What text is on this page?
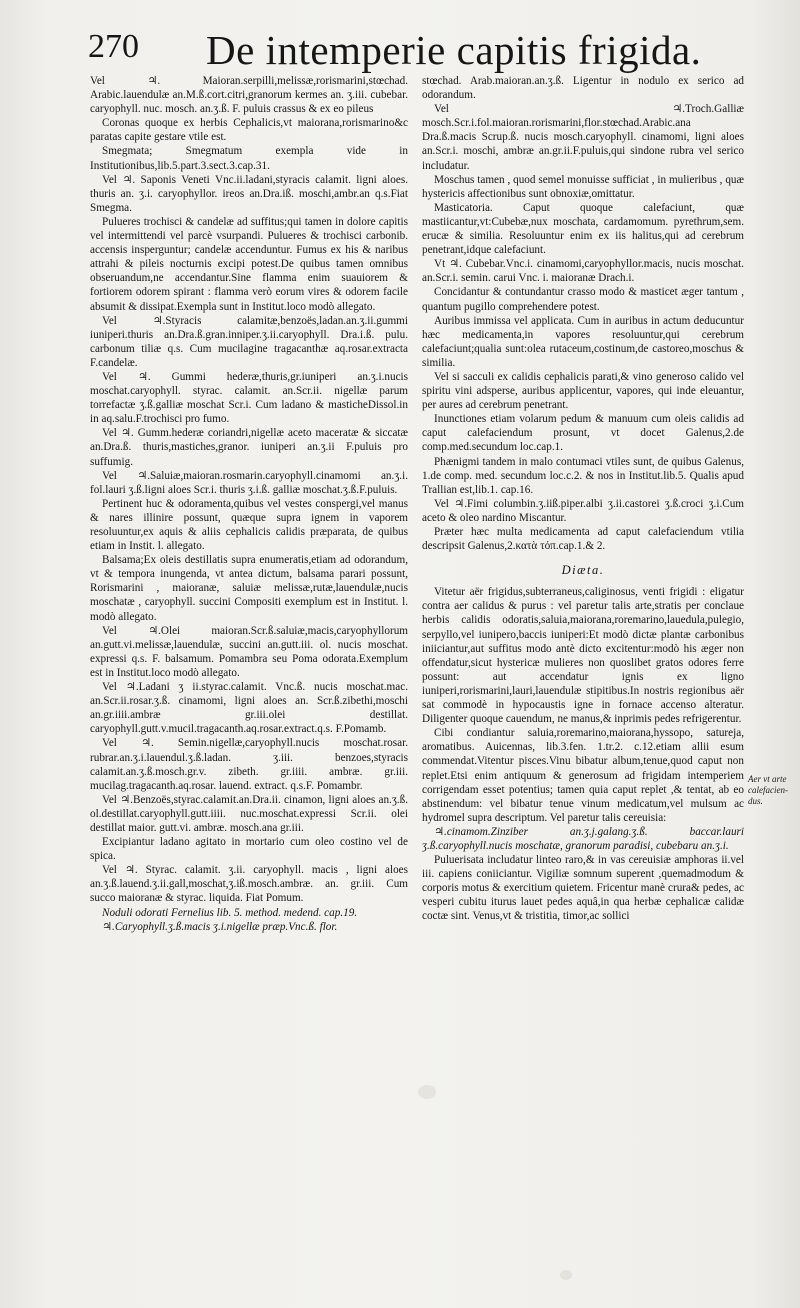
270 De intemperie capitis frigida.

Vel ♃. Maioran.serpilli,melissæ,rorismarini,stœchad. Arabic.lauendulæ an.M.ß.cort.citri,granorum kermes an. ʒ.iii. cubebar. caryophyll. nuc. mosch. an.ʒ.ß. F. puluis crassus & ex eo pileus

Coronas quoque ex herbis Cephalicis,vt maiorana,rorismarino&c paratas capite gestare vtile est.

Smegmata; Smegmatum exempla vide in Institutionibus,lib.5.part.3.sect.3.cap.31.

Vel ♃. Saponis Veneti Vnc.ii.ladani,styracis calamit. ligni aloes. thuris an. ʒ.i. caryophyllor. ireos an.Dra.iß. moschi,ambr.an q.s.Fiat Smegma.

Pulueres trochisci & candelæ ad suffitus;qui tamen in dolore capitis vel intermittendi vel parcè vsurpandi. Pulueres & trochisci carbonib. accensis insperguntur; candelæ accenduntur. Fumus ex his & naribus attrahi & pileis nocturnis excipi potest.De quibus tamen omnibus obseruandum,ne accendantur.Sine flamma enim suauiorem & fortiorem odorem spirant : flamma verò eorum vires & odorem facile absumit & dissipat.Exempla sunt in Institut.loco modò allegato.

Vel ♃.Styracis calamitæ,benzoës,ladan.an.ʒ.ii.gummi iuniperi.thuris an.Dra.ß.gran.inniper.ʒ.ii.caryophyll. Dra.i.ß. pulu. carbonum tiliæ q.s. Cum mucilagine tragacanthæ aq.rosar.extracta F.candelæ.

Vel ♃. Gummi hederæ,thuris,gr.iuniperi an.ʒ.i.nucis moschat.caryophyll. styrac. calamit. an.Scr.ii. nigellæ parum torrefactæ ʒ.ß.galliæ moschat Scr.i. Cum ladano & masticheDissol.in in aq.salu.F.trochisci pro fumo.

Vel ♃. Gumm.hederæ coriandri,nigellæ aceto maceratæ & siccatæ an.Dra.ß. thuris,mastiches,granor. iuniperi an.ʒ.ii F.puluis pro suffumig.

Vel ♃.Saluiæ,maioran.rosmarin.caryophyll.cinamomi an.ʒ.i. fol.lauri ʒ.ß.ligni aloes Scr.i. thuris ʒ.i.ß. galliæ moschat.ʒ.ß.F.puluis.

Pertinent huc & odoramenta,quibus vel vestes conspergi,vel manus & nares illinire possunt, quæque supra ignem in vaporem resoluuntur,ex aquis & aliis cephalicis calidis præparata, de quibus etiam in Instit. l. allegato.

Balsama;Ex oleis destillatis supra enumeratis,etiam ad odorandum, vt & tempora inungenda, vt antea dictum, balsama parari possunt, Rorismarini , maioranæ, saluiæ melissæ,rutæ,lauendulæ,nucis moschatæ , caryophyll. succini Compositi exemplum est in Institut. l. modò allegato.

Vel ♃.Olei maioran.Scr.ß.saluiæ,macis,caryophyllorum an.gutt.vi.melissæ,lauendulæ, succini an.gutt.iii. ol. nucis moschat. expressi q.s. F. balsamum. Pomambra seu Poma odorata.Exemplum est in Institut.loco modò allegato.

Vel ♃.Ladani ʒ ii.styrac.calamit. Vnc.ß. nucis moschat.mac. an.Scr.ii.rosar.ʒ.ß. cinamomi, ligni aloes an. Scr.ß.zibethi,moschi an.gr.iiii.ambræ gr.iii.olei destillat. caryophyll.gutt.v.mucil.tragacanth.aq.rosar.extract.q.s. F.Pomamb.

Vel ♃. Semin.nigellæ,caryophyll.nucis moschat.rosar. rubrar.an.ʒ.i.lauendul.ʒ.ß.ladan. ʒ.iii. benzoes,styracis calamit.an.ʒ.ß.mosch.gr.v. zibeth. gr.iiii. ambræ. gr.iii. mucilag.tragacanth.aq.rosar. lauend. extract. q.s.F. Pomambr.

Vel ♃.Benzoës,styrac.calamit.an.Dra.ii. cinamon, ligni aloes an.ʒ.ß. ol.destillat.caryophyll.gutt.iiii. nuc.moschat.expressi Scr.ii. olei destillat maior. gutt.vi. ambræ. mosch.ana gr.iii.

Excipiantur ladano agitato in mortario cum oleo costino vel de spica.

Vel ♃. Styrac. calamit. ʒ.ii. caryophyll. macis , ligni aloes an.ʒ.ß.lauend.ʒ.ii.gall,moschat,ʒ.iß.mosch.ambræ. an. gr.iii. Cum succo maioranæ & styrac. liquida. Fiat Pomum.

Noduli odorati Fernelius lib. 5. method. medend. cap.19.

♃.Caryophyll.ʒ.ß.macis ʒ.i.nigellæ præp.Vnc.ß. flor.

stœchad. Arab.maioran.an.ʒ.ß. Ligentur in nodulo ex serico ad odorandum.

Vel ♃.Troch.Galliæ mosch.Scr.i.fol.maioran.rorismarini,flor.stœchad.Arabic.ana Dra.ß.macis Scrup.ß. nucis mosch.caryophyll. cinamomi, ligni aloes an.Scr.i. moschi, ambræ an.gr.ii.F.puluis,qui sindone rubra vel serico includatur.

Moschus tamen , quod semel monuisse sufficiat , in mulieribus , quæ hystericis affectionibus sunt obnoxiæ,omittatur.

Masticatoria. Caput quoque calefaciunt, quæ mastiicantur,vt:Cubebæ,nux moschata, cardamomum. pyrethrum,sem. erucæ & similia. Resoluuntur enim ex iis halitus,qui ad cerebrum penetrant,idque calefaciunt.

Vt ♃. Cubebar.Vnc.i. cinamomi,caryophyllor.macis, nucis moschat. an.Scr.i. semin. carui Vnc. i. maioranæ Drach.i.

Concidantur & contundantur crasso modo & masticet æger tantum , quantum pugillo comprehendere potest.

Auribus immissa vel applicata. Cum in auribus in actum deducuntur hæc medicamenta,in vapores resoluuntur,qui cerebrum calefaciunt;qualia sunt:olea rutaceum,costinum,de castoreo,moschus & similia.

Vel si sacculi ex calidis cephalicis parati,& vino generoso calido vel spiritu vini adsperse, auribus applicentur, vapores, qui inde eleuantur, per aures ad cerebrum penetrant.

Inunctiones etiam volarum pedum & manuum cum oleis calidis ad caput calefaciendum prosunt, vt docet Galenus,2.de comp.med.secundum loc.cap.1.

Phænigmi tandem in malo contumaci vtiles sunt, de quibus Galenus, 1.de comp. med. secundum loc.c.2. & nos in Institut.lib.5. Qualis apud Trallian est,lib.1. cap.16.

Vel ♃.Fimi columbin.ʒ.iiß.piper.albi ʒ.ii.castorei ʒ.ß.croci ʒ.i.Cum aceto & oleo nardino Miscantur.

Præter hæc multa medicamenta ad caput calefaciendum vtilia descripsit Galenus,2.κατὰ τόπ.cap.1.& 2.

Diæta.

Vitetur aër frigidus,subterraneus,caliginosus, venti frigidi : eligatur contra aer calidus & purus : vel paretur talis arte,stratis per conclaue herbis calidis odoratis,saluia,maiorana,roremarino,lauedula,pulegio, serpyllo,vel iunipero,baccis iuniperi:Et modò dictæ plantæ carbonibus iniiciantur,aut suffitus modo antè dicto excitentur:modò his æger non offendatur,sicut hystericæ mulieres non quoslibet gratos odores ferre possunt: aut accendatur ignis ex ligno iuniperi,rorismarini,lauri,lauendulæ stipitibus.In nostris regionibus aër sat commodè in hypocaustis igne in fornace accenso alteratur. Diligenter quoque cauendum, ne manus,& inprimis pedes refrigerentur.

Cibi condiantur saluia,roremarino,maiorana,hyssopo, satureja, aromatibus. Auicennas, lib.3.fen. 1.tr.2. c.12.etiam allii esum commendat.Vitentur pisces.Vinu bibatur album,tenue,quod caput non replet.Etsi enim antiquum & generosum ad frigidam intemperiem corrigendam esset potentius; tamen quia caput replet ,& tentat, ab eo abstinendum: vel bibatur tenue vinum medicatum,vel mulsum ac hydromel supra descriptum. Vel paretur talis cereuisia:

♃.cinamom.Zinziber an.ʒ.j.galang.ʒ.ß. baccar.lauri ʒ.ß.caryophyll.nucis moschatæ, granorum paradisi, cubebaru an.ʒ.i.

Puluerisata includatur linteo raro,& in vas cereuisiæ amphoras ii.vel iii. capiens coniiciantur. Vigiliæ somnum superent ,quemadmodum & corporis motus & exercitium quietem. Fricentur manè crura& pedes, ac vesperi cubitu iturus lauet pedes aquâ,in qua herbæ cephalicæ calidæ coctæ sint. Venus,vt & tristitia, timor,ac sollici

Aer vt arte calefacien-dus.
